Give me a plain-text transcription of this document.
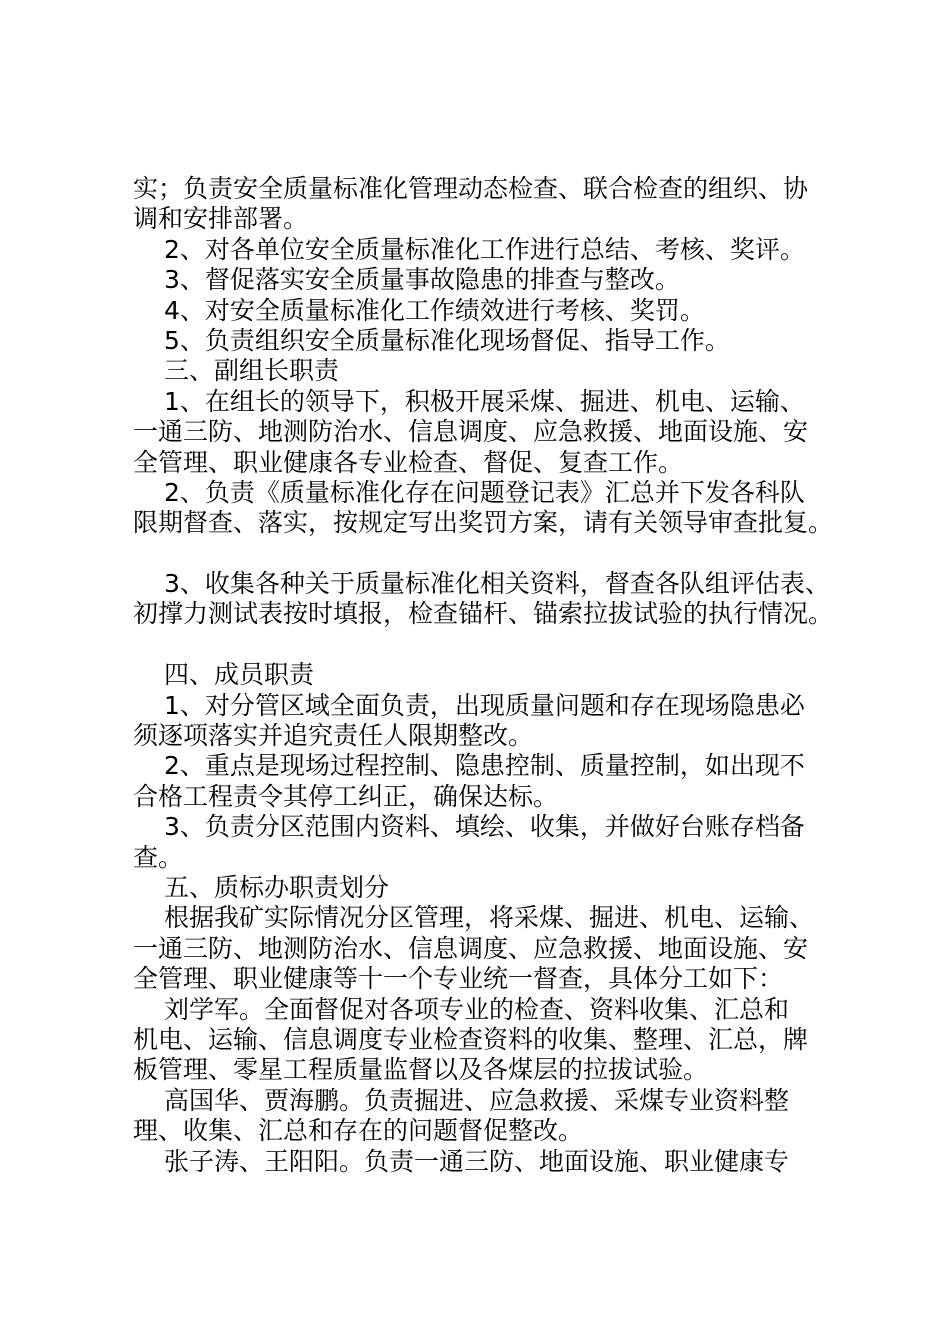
实；负责安全质量标准化管理动态检查、联合检查的组织、协
调和安排部署。
2、对各单位安全质量标准化工作进行总结、考核、奖评。
3、督促落实安全质量事故隐患的排查与整改。
4、对安全质量标准化工作绩效进行考核、奖罚。
5、负责组织安全质量标准化现场督促、指导工作。
三、副组长职责
1、在组长的领导下，积极开展采煤、掘进、机电、运输、
一通三防、地测防治水、信息调度、应急救援、地面设施、安
全管理、职业健康各专业检查、督促、复查工作。
2、负责《质量标准化存在问题登记表》汇总并下发各科队
限期督查、落实，按规定写出奖罚方案，请有关领导审查批复。
3、收集各种关于质量标准化相关资料，督查各队组评估表、
初撑力测试表按时填报，检查锚杆、锚索拉拔试验的执行情况。
四、成员职责
1、对分管区域全面负责，出现质量问题和存在现场隐患必
须逐项落实并追究责任人限期整改。
2、重点是现场过程控制、隐患控制、质量控制，如出现不
合格工程责令其停工纠正，确保达标。
3、负责分区范围内资料、填绘、收集，并做好台账存档备
查。
五、质标办职责划分
根据我矿实际情况分区管理，将采煤、掘进、机电、运输、
一通三防、地测防治水、信息调度、应急救援、地面设施、安
全管理、职业健康等十一个专业统一督查，具体分工如下：
刘学军。全面督促对各项专业的检查、资料收集、汇总和
机电、运输、信息调度专业检查资料的收集、整理、汇总，牌
板管理、零星工程质量监督以及各煤层的拉拔试验。
高国华、贾海鹏。负责掘进、应急救援、采煤专业资料整
理、收集、汇总和存在的问题督促整改。
张子涛、王阳阳。负责一通三防、地面设施、职业健康专
